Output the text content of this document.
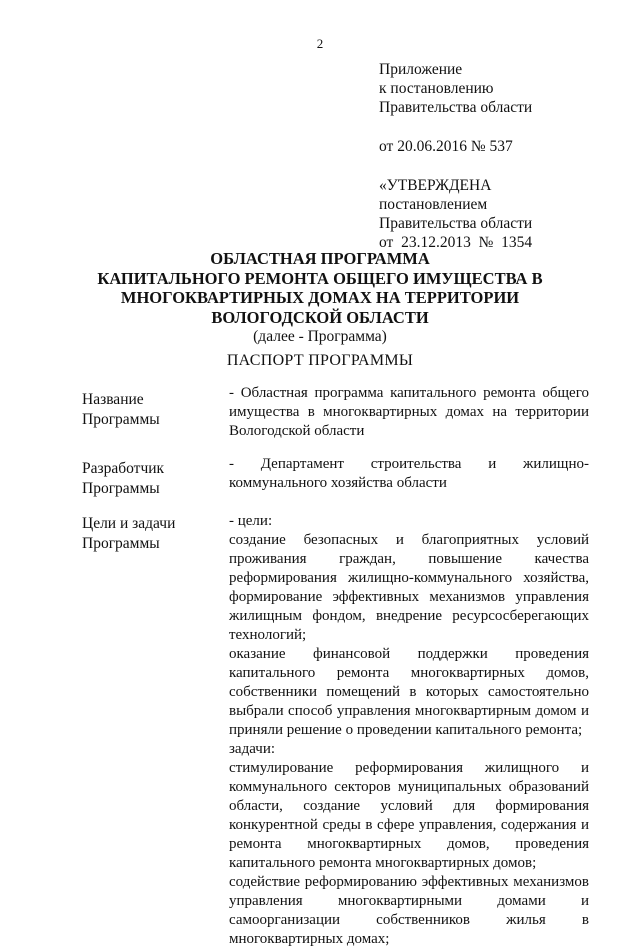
2

Приложение

к постановлению

Правительства области

от 20.06.2016 № 537

«УТВЕРЖДЕНА

постановлением

Правительства области

от  23.12.2013  №  1354

ОБЛАСТНАЯ ПРОГРАММА

КАПИТАЛЬНОГО РЕМОНТА ОБЩЕГО ИМУЩЕСТВА В

МНОГОКВАРТИРНЫХ ДОМАХ НА ТЕРРИТОРИИ

ВОЛОГОДСКОЙ ОБЛАСТИ

(далее - Программа)

ПАСПОРТ ПРОГРАММЫ
Название
Программы
- Областная программа капитального ремонта общего имущества в многоквартирных домах на территории Вологодской области
Разработчик
Программы
- Департамент строительства и жилищно-
коммунального хозяйства области
Цели и задачи
Программы

- цели:

создание безопасных и благоприятных условий проживания граждан, повышение качества реформирования жилищно-коммунального хозяйства, формирование эффективных механизмов управления жилищным фондом, внедрение ресурсосберегающих технологий;

оказание финансовой поддержки проведения капитального ремонта многоквартирных домов, собственники помещений в которых самостоятельно выбрали способ управления многоквартирным домом и приняли решение о проведении капитального ремонта;

задачи:

стимулирование реформирования жилищного и коммунального секторов муниципальных образований области, создание условий для формирования конкурентной среды в сфере управления, содержания и ремонта многоквартирных домов, проведения капитального ремонта многоквартирных домов;

содействие реформированию эффективных механизмов управления многоквартирными домами и самоорганизации собственников жилья в многоквартирных домах;
